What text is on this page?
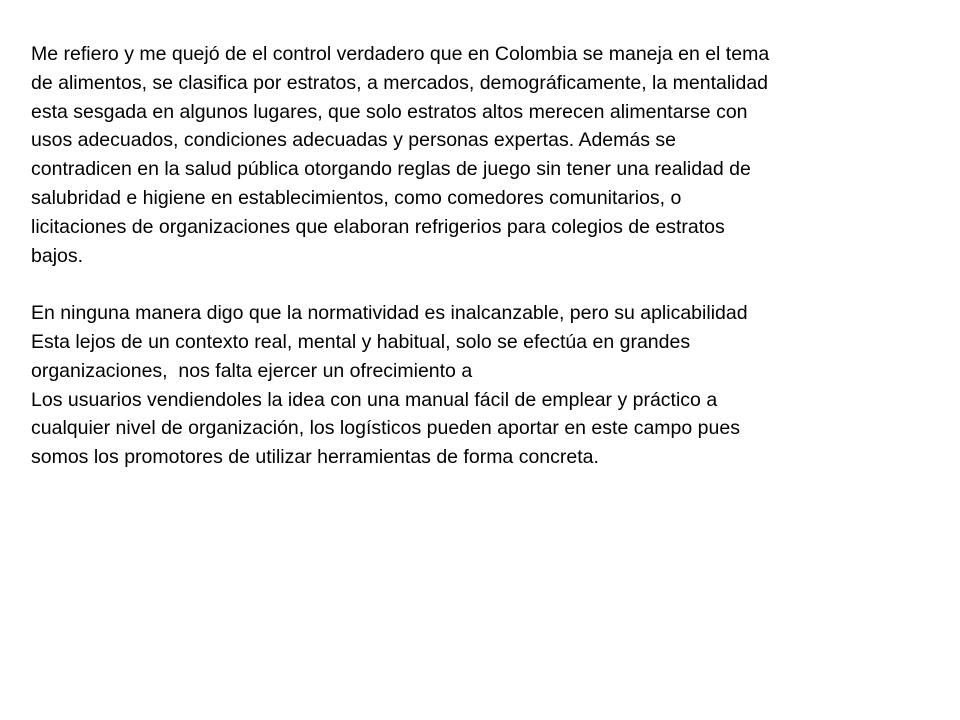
Me refiero y me quejó de el control verdadero que en Colombia se maneja en el tema
de alimentos, se clasifica por estratos, a mercados, demográficamente, la mentalidad
esta sesgada en algunos lugares, que solo estratos altos merecen alimentarse con
usos adecuados, condiciones adecuadas y personas expertas. Además se
contradicen en la salud pública otorgando reglas de juego sin tener una realidad de
salubridad e higiene en establecimientos, como comedores comunitarios, o
licitaciones de organizaciones que elaboran refrigerios para colegios de estratos
bajos.
En ninguna manera digo que la normatividad es inalcanzable, pero su aplicabilidad
Esta lejos de un contexto real, mental y habitual, solo se efectúa en grandes
organizaciones,  nos falta ejercer un ofrecimiento a
Los usuarios vendiendoles la idea con una manual fácil de emplear y práctico a
cualquier nivel de organización, los logísticos pueden aportar en este campo pues
somos los promotores de utilizar herramientas de forma concreta.
